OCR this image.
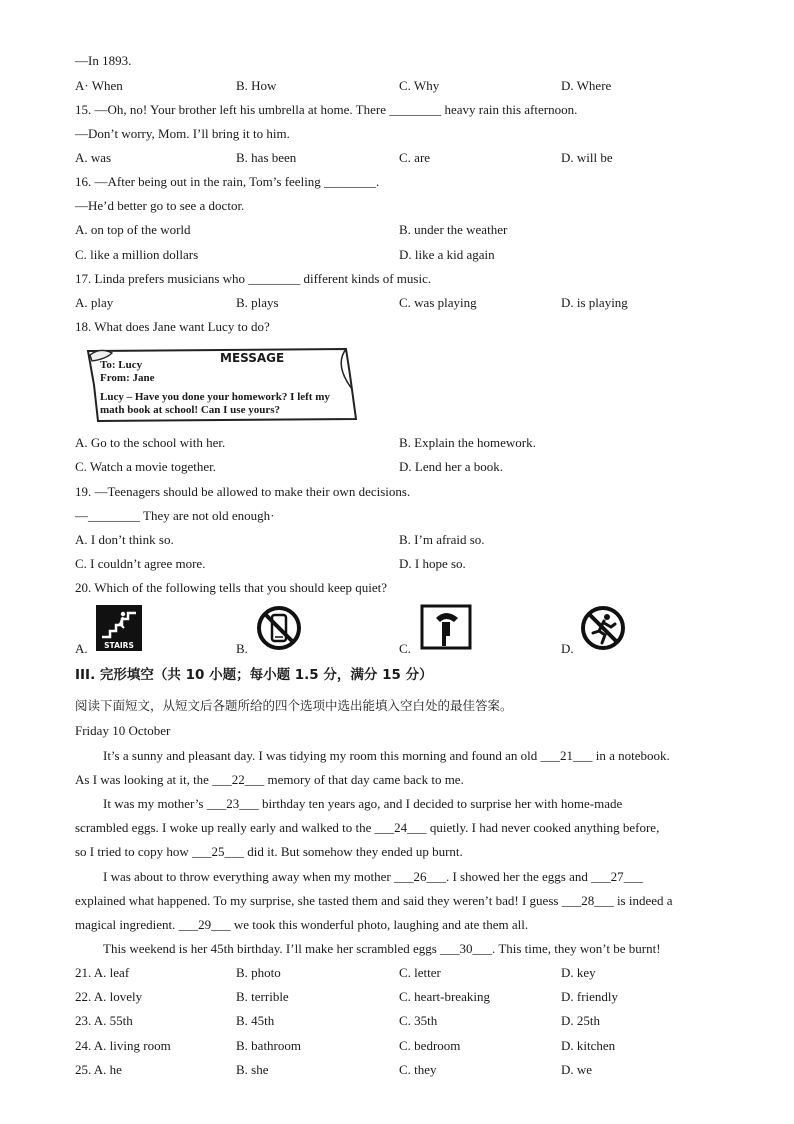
—In 1893.
A· When	B. How	C. Why	D. Where
15. —Oh, no! Your brother left his umbrella at home. There ________ heavy rain this afternoon.
—Don’t worry, Mom. I’ll bring it to him.
A. was	B. has been	C. are	D. will be
16. —After being out in the rain, Tom’s feeling ________.
—He’d better go to see a doctor.
A. on top of the world	B. under the weather
C. like a million dollars	D. like a kid again
17. Linda prefers musicians who ________ different kinds of music.
A. play	B. plays	C. was playing	D. is playing
18. What does Jane want Lucy to do?
MESSAGE
To: Lucy
From: Jane
Lucy – Have you done your homework? I left my
math book at school! Can I use yours?
A. Go to the school with her.	B. Explain the homework.
C. Watch a movie together.	D. Lend her a book.
19. —Teenagers should be allowed to make their own decisions.
—________ They are not old enough·
A. I don’t think so.	B. I’m afraid so.
C. I couldn’t agree more.	D. I hope so.
20. Which of the following tells that you should keep quiet?
A. STAIRS	B.	C.	D.
III. 完形填空（共 10 小题；每小题 1.5 分，满分 15 分）
阅读下面短文，从短文后各题所给的四个选项中选出能填入空白处的最佳答案。
Friday 10 October
It’s a sunny and pleasant day. I was tidying my room this morning and found an old ___21___ in a notebook.
As I was looking at it, the ___22___ memory of that day came back to me.
It was my mother’s ___23___ birthday ten years ago, and I decided to surprise her with home-made
scrambled eggs. I woke up really early and walked to the ___24___ quietly. I had never cooked anything before,
so I tried to copy how ___25___ did it. But somehow they ended up burnt.
I was about to throw everything away when my mother ___26___. I showed her the eggs and ___27___
explained what happened. To my surprise, she tasted them and said they weren’t bad! I guess ___28___ is indeed a
magical ingredient. ___29___ we took this wonderful photo, laughing and ate them all.
This weekend is her 45th birthday. I’ll make her scrambled eggs ___30___. This time, they won’t be burnt!
21. A. leaf	B. photo	C. letter	D. key
22. A. lovely	B. terrible	C. heart-breaking	D. friendly
23. A. 55th	B. 45th	C. 35th	D. 25th
24. A. living room	B. bathroom	C. bedroom	D. kitchen
25. A. he	B. she	C. they	D. we
